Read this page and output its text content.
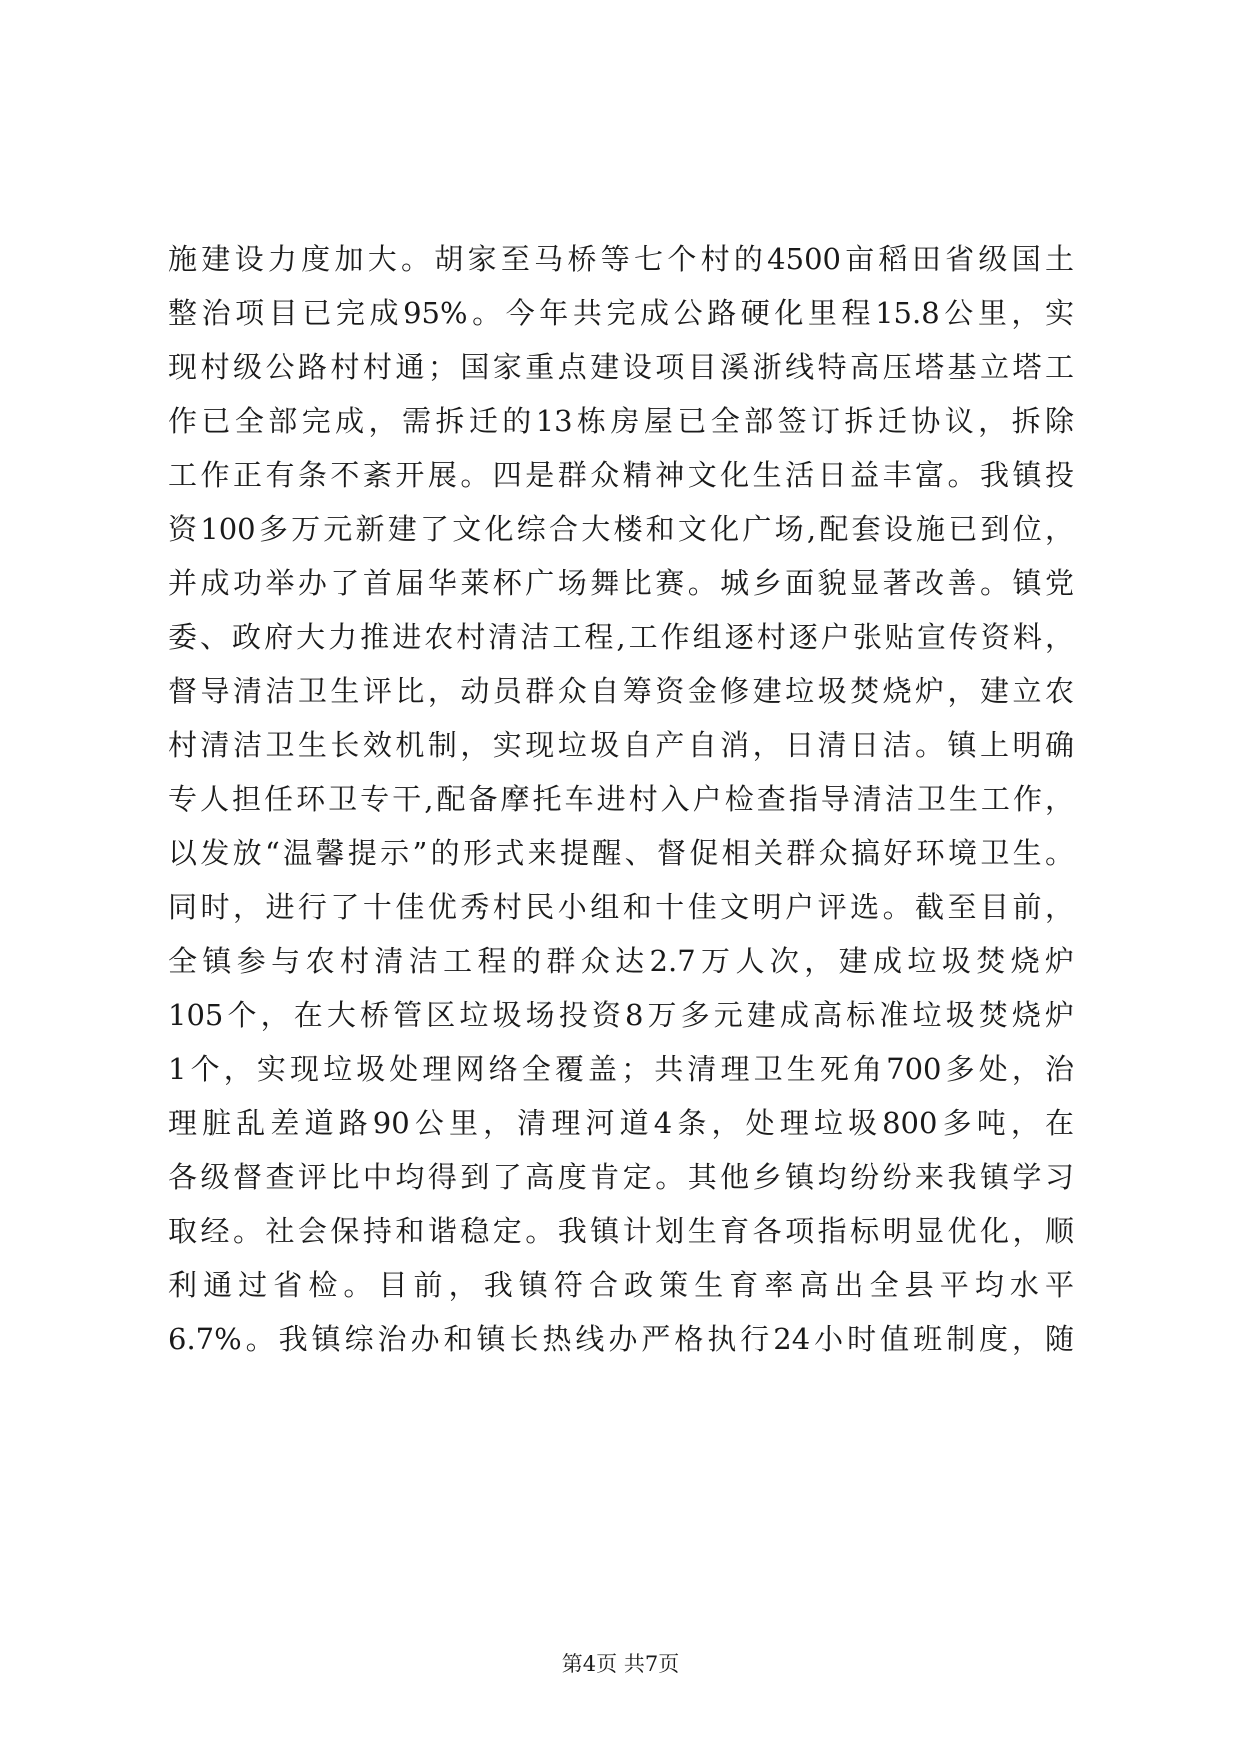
施建设力度加大。胡家至马桥等七个村的4500亩稻田省级国土
整治项目已完成95%。今年共完成公路硬化里程15.8公里，实
现村级公路村村通；国家重点建设项目溪浙线特高压塔基立塔工
作已全部完成，需拆迁的13栋房屋已全部签订拆迁协议，拆除
工作正有条不紊开展。四是群众精神文化生活日益丰富。我镇投
资100多万元新建了文化综合大楼和文化广场,配套设施已到位，
并成功举办了首届华莱杯广场舞比赛。城乡面貌显著改善。镇党
委、政府大力推进农村清洁工程,工作组逐村逐户张贴宣传资料，
督导清洁卫生评比，动员群众自筹资金修建垃圾焚烧炉，建立农
村清洁卫生长效机制，实现垃圾自产自消，日清日洁。镇上明确
专人担任环卫专干,配备摩托车进村入户检查指导清洁卫生工作，
以发放“温馨提示”的形式来提醒、督促相关群众搞好环境卫生。
同时，进行了十佳优秀村民小组和十佳文明户评选。截至目前，
全镇参与农村清洁工程的群众达2.7万人次，建成垃圾焚烧炉
105个，在大桥管区垃圾场投资8万多元建成高标准垃圾焚烧炉
1个，实现垃圾处理网络全覆盖；共清理卫生死角700多处，治
理脏乱差道路90公里，清理河道4条，处理垃圾800多吨，在
各级督查评比中均得到了高度肯定。其他乡镇均纷纷来我镇学习
取经。社会保持和谐稳定。我镇计划生育各项指标明显优化，顺
利通过省检。目前，我镇符合政策生育率高出全县平均水平
6.7%。我镇综治办和镇长热线办严格执行24小时值班制度，随
第4页 共7页
